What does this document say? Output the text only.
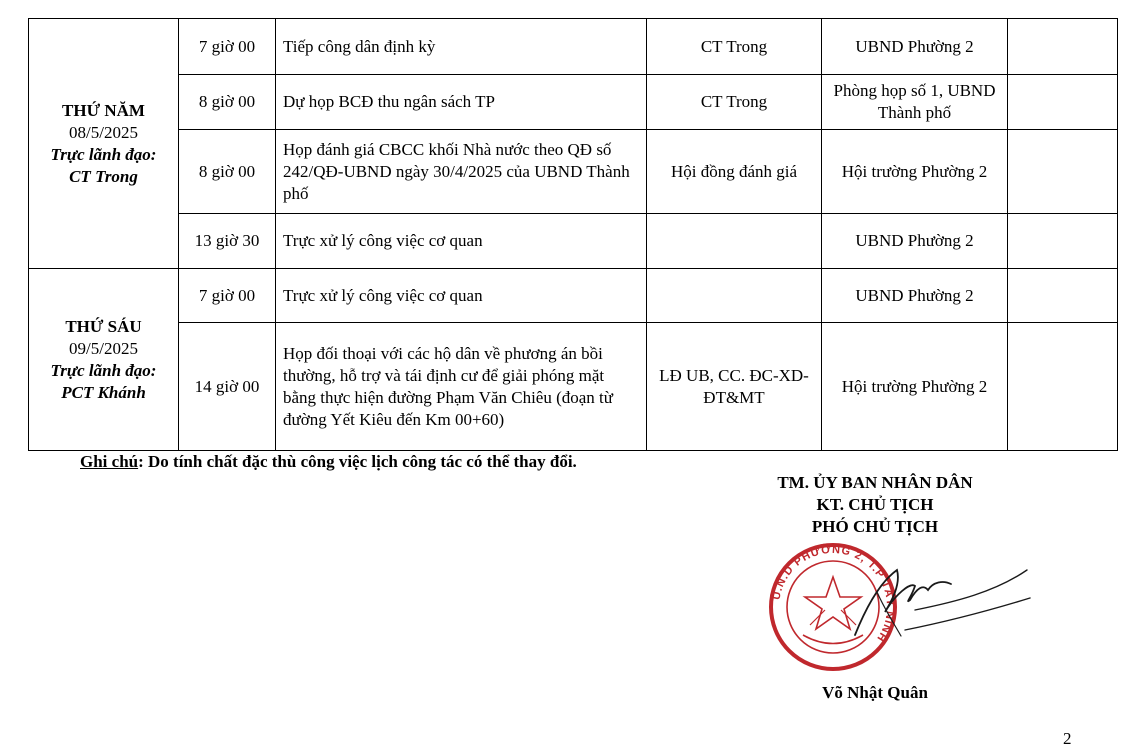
THỨ NĂM
08/5/2025
Trực lãnh đạo:
CT Trong	7 giờ 00	Tiếp công dân định kỳ	CT Trong	UBND Phường 2	
	8 giờ 00	Dự họp BCĐ thu ngân sách TP	CT Trong	Phòng họp số 1, UBND Thành phố	
	8 giờ 00	Họp đánh giá CBCC khối Nhà nước theo QĐ số 242/QĐ-UBND ngày 30/4/2025 của UBND Thành phố	Hội đồng đánh giá	Hội trường Phường 2	
	13 giờ 30	Trực xử lý công việc cơ quan		UBND Phường 2	

THỨ SÁU
09/5/2025
Trực lãnh đạo:
PCT Khánh	7 giờ 00	Trực xử lý công việc cơ quan		UBND Phường 2	
	14 giờ 00	Họp đối thoại với các hộ dân về phương án bồi thường, hỗ trợ và tái định cư để giải phóng mặt bằng thực hiện đường Phạm Văn Chiêu (đoạn từ đường Yết Kiêu đến Km 00+60)	LĐ UB, CC. ĐC-XD-ĐT&MT	Hội trường Phường 2	
Ghi chú: Do tính chất đặc thù công việc lịch công tác có thể thay đổi.
TM. ỦY BAN NHÂN DÂN
KT. CHỦ TỊCH
PHÓ CHỦ TỊCH
Ủ.N.D PHƯỜNG 2, T.P TÂY NINH
Võ Nhật Quân
2
